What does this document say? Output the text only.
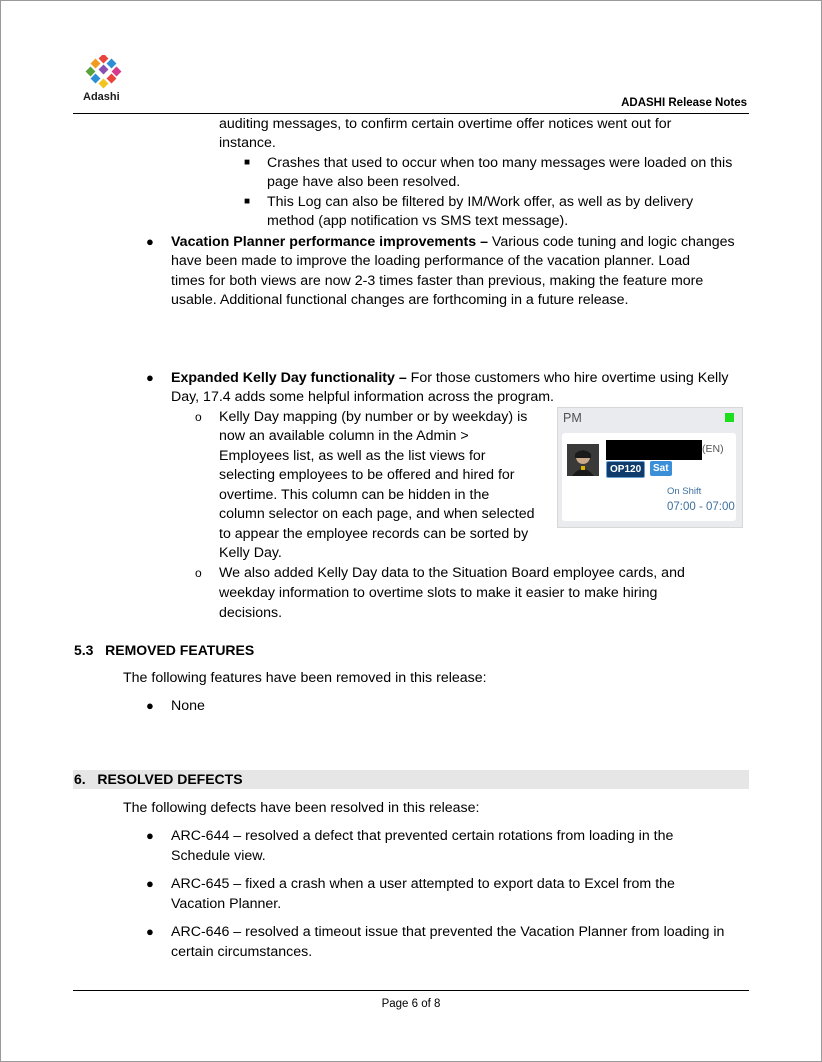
Adashi	ADASHI Release Notes
auditing messages, to confirm certain overtime offer notices went out for
instance.
■ Crashes that used to occur when too many messages were loaded on this
page have also been resolved.
■ This Log can also be filtered by IM/Work offer, as well as by delivery
method (app notification vs SMS text message).
● Vacation Planner performance improvements – Various code tuning and logic changes
have been made to improve the loading performance of the vacation planner. Load
times for both views are now 2-3 times faster than previous, making the feature more
usable. Additional functional changes are forthcoming in a future release.
● Expanded Kelly Day functionality – For those customers who hire overtime using Kelly
Day, 17.4 adds some helpful information across the program.
o Kelly Day mapping (by number or by weekday) is
now an available column in the Admin >
Employees list, as well as the list views for
selecting employees to be offered and hired for
overtime. This column can be hidden in the
column selector on each page, and when selected
to appear the employee records can be sorted by
Kelly Day.
o We also added Kelly Day data to the Situation Board employee cards, and
weekday information to overtime slots to make it easier to make hiring
decisions.
PM
(EN)
OP120	Sat
On Shift
07:00 - 07:00
5.3   REMOVED FEATURES
The following features have been removed in this release:
● None
6.   RESOLVED DEFECTS
The following defects have been resolved in this release:
● ARC-644 – resolved a defect that prevented certain rotations from loading in the
Schedule view.
● ARC-645 – fixed a crash when a user attempted to export data to Excel from the
Vacation Planner.
● ARC-646 – resolved a timeout issue that prevented the Vacation Planner from loading in
certain circumstances.
Page 6 of 8
